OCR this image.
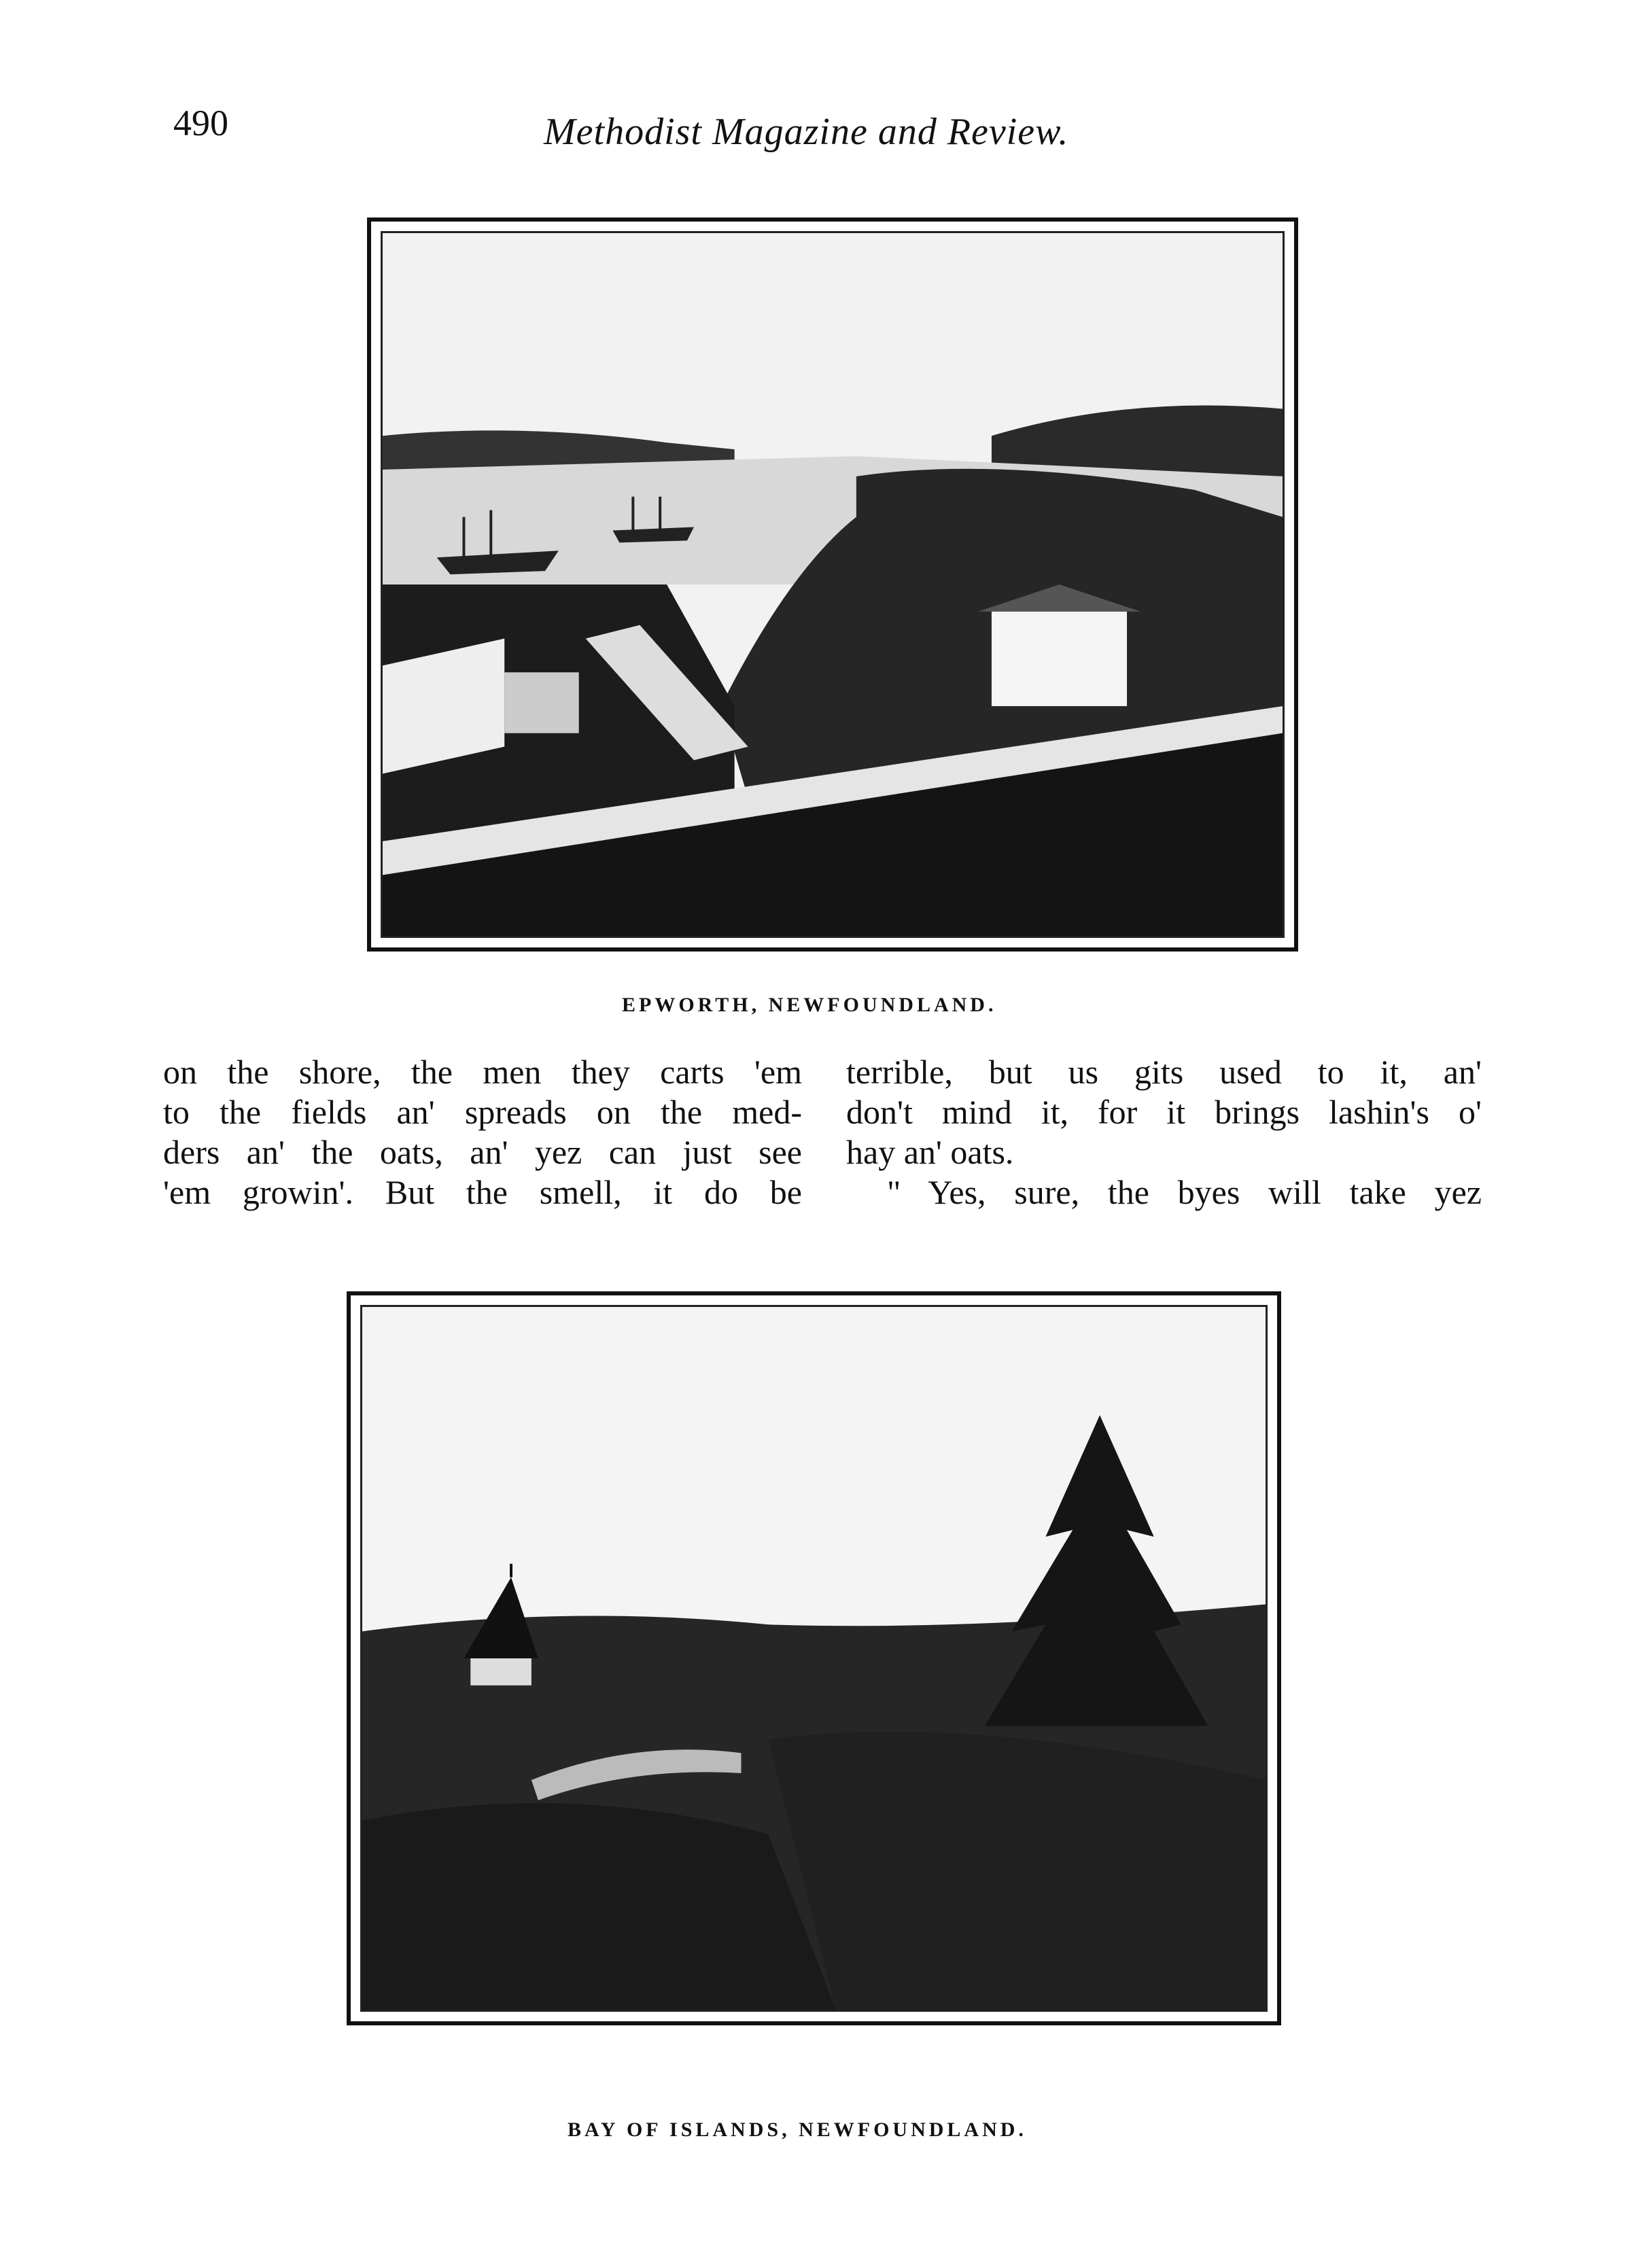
490	Methodist Magazine and Review.
EPWORTH, NEWFOUNDLAND.
on the shore, the men they carts 'em
to the fields an' spreads on the med-
ders an' the oats, an' yez can just see
'em growin'. But the smell, it do be
terrible, but us gits used to it, an'
don't mind it, for it brings lashin's o'
hay an' oats.
" Yes, sure, the byes will take yez
BAY OF ISLANDS, NEWFOUNDLAND.
